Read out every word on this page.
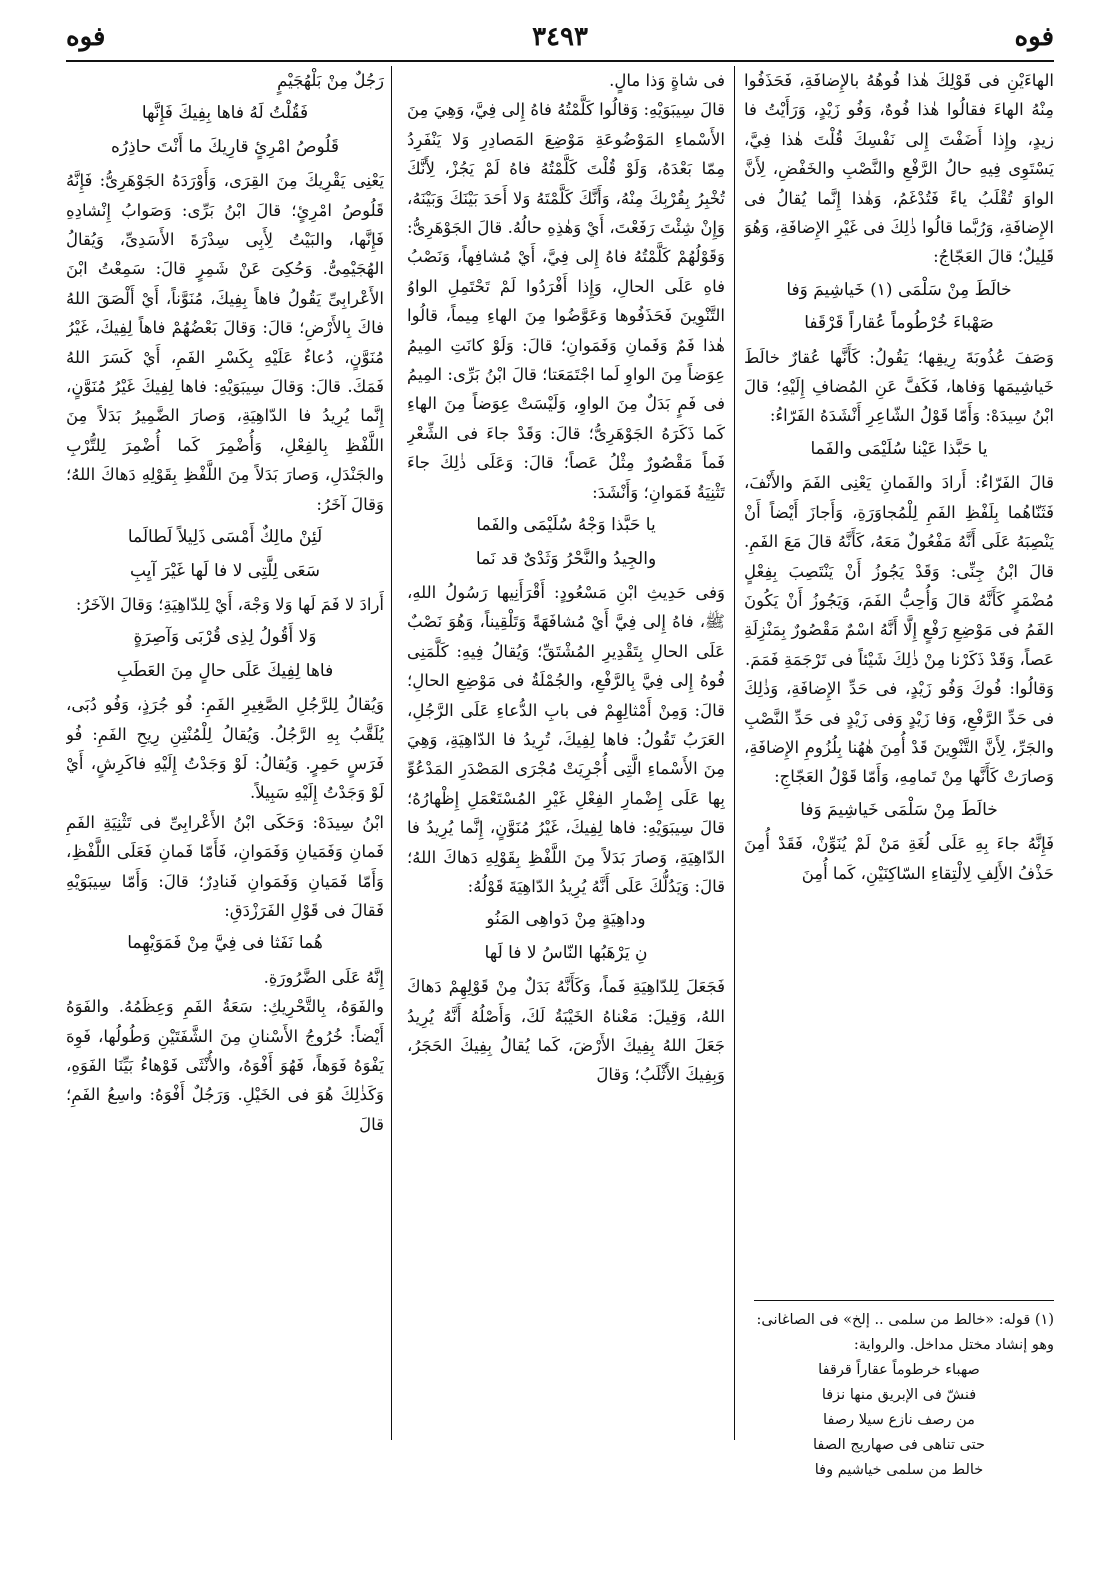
فوه	٣٤٩٣	فوه

الهاءَيْنِ فى قَوْلِكَ هٰذا فُوهُهُ بالإِضافَةِ، فَحَذَفُوا مِنْهُ الهاءَ فقالُوا هٰذا فُوهٌ، وَفُو زَيْدٍ، وَرَأَيْتُ فا زيدٍ، وإِذا أَضَفْتَ إِلى نَفْسِكَ قُلْتَ هٰذا فِيَّ، يَسْتَوِى فِيهِ حالُ الرَّفْعِ والنَّصْبِ والخَفْضِ، لِأَنَّ الواوَ تُقْلَبُ ياءً فَتُدْغَمُ، وَهٰذا إِنَّما يُقالُ فى الإِضافَةِ، وَرُبَّما قالُوا ذٰلِكَ فى غَيْرِ الإِضافَةِ، وَهُوَ قَلِيلٌ؛ قالَ العَجّاجُ:

خالَطَ مِنْ سَلْمَى (١) خَياشِيمَ وَفا

صَهْباءَ خُرْطُوماً عُقاراً قَرْقَفا

وَصَفَ عُذُوبَةَ رِيقِها؛ يَقُولُ: كَأَنَّها عُقارٌ خالَطَ خَياشِيمَها وَفاها، فَكَفَّ عَنِ المُضافِ إِلَيْهِ؛ قالَ ابْنُ سِيدَهْ: وَأَمّا قَوْلُ الشّاعِرِ أَنْشَدَهُ الفَرّاءُ:

يا حَبَّذا عَيْنا سُلَيْمَى والفَما

قالَ الفَرّاءُ: أَرادَ والفَمانِ يَعْنِى الفَمَ والأَنْفَ، فَثَنّاهُما بِلَفْظِ الفَمِ لِلْمُجاوَرَةِ، وَأَجازَ أَيْضاً أَنْ يَنْصِبَهُ عَلَى أَنَّهُ مَفْعُولٌ مَعَهُ، كَأَنَّهُ قالَ مَعَ الفَمِ. قالَ ابْنُ جِنِّى: وَقَدْ يَجُوزُ أَنْ يَنْتَصِبَ بِفِعْلٍ مُضْمَرٍ كَأَنَّهُ قالَ وَأُحِبُّ الفَمَ، وَيَجُوزُ أَنْ يَكُونَ الفَمُ فى مَوْضِعِ رَفْعٍ إِلَّا أَنَّهُ اسْمٌ مَقْصُورٌ بِمَنْزِلَةِ عَصاً، وَقَدْ ذَكَرْنا مِنْ ذٰلِكَ شَيْئاً فى تَرْجَمَةِ فَمَمَ.

وَقالُوا: فُوكَ وَفُو زَيْدٍ، فى حَدِّ الإِضافَةِ، وَذٰلِكَ فى حَدِّ الرَّفْعِ، وَفا زَيْدٍ وَفى زَيْدٍ فى حَدِّ النَّصْبِ والجَرِّ، لِأَنَّ التَّنْوِينَ قَدْ أُمِنَ هٰهُنا بِلُزُومِ الإِضافَةِ، وَصارَتْ كَأَنَّها مِنْ تَمامِهِ، وَأَمّا قَوْلُ العَجّاجِ:

خالَطَ مِنْ سَلْمَى خَياشِيمَ وَفا

فَإِنَّهُ جاءَ بِهِ عَلَى لُغَةِ مَنْ لَمْ يُنَوِّنْ، فَقَدْ أُمِنَ حَذْفُ الأَلِفِ لِالْتِقاءِ السّاكِنَيْنِ، كَما أُمِنَ

فى شاةٍ وَذا مالٍ.

قالَ سِيبَوَيْهِ: وَقالُوا كَلَّمْتُهُ فاهُ إِلى فِيَّ، وَهِيَ مِنَ الأَسْماءِ المَوْضُوعَةِ مَوْضِعَ المَصادِرِ وَلا يَنْفَرِدُ مِمّا بَعْدَهُ، وَلَوْ قُلْتَ كَلَّمْتُهُ فاهُ لَمْ يَجُزْ، لِأَنَّكَ تُخْبِرُ بِقُرْبِكَ مِنْهُ، وَأَنَّكَ كَلَّمْتَهُ وَلا أَحَدَ بَيْنَكَ وَبَيْنَهُ، وَإِنْ شِئْتَ رَفَعْتَ، أَيْ وَهٰذِهِ حالُهُ. قالَ الجَوْهَرِىُّ: وَقَوْلُهُمْ كَلَّمْتُهُ فاهُ إِلى فِيَّ، أَيْ مُشافِهاً، وَنَصْبُ فاهِ عَلَى الحالِ، وَإِذا أَفْرَدُوا لَمْ تَحْتَمِلِ الواوُ التَّنْوِينَ فَحَذَفُوها وَعَوَّضُوا مِنَ الهاءِ مِيماً، قالُوا هٰذا فَمٌ وَفَمانِ وَفَمَوانِ؛ قالَ: وَلَوْ كانَتِ المِيمُ عِوَضاً مِنَ الواوِ لَما اجْتَمَعَتا؛ قالَ ابْنُ بَرِّى: المِيمُ فى فَمٍ بَدَلٌ مِنَ الواوِ، وَلَيْسَتْ عِوَضاً مِنَ الهاءِ كَما ذَكَرَهُ الجَوْهَرِىُّ؛ قالَ: وَقَدْ جاءَ فى الشِّعْرِ فَماً مَقْصُورٌ مِثْلُ عَصاً؛ قالَ: وَعَلَى ذٰلِكَ جاءَ تَثْنِيَةُ فَمَوانِ؛ وَأَنْشَدَ:

يا حَبَّذا وَجْهُ سُلَيْمَى والفَما

والجِيدُ والنَّحْرُ وَثَدْىٌ قد نَما

وَفى حَدِيثِ ابْنِ مَسْعُودٍ: أَقْرَأَنِيها رَسُولُ اللهِ، ﷺ، فاهُ إِلى فِيَّ أَيْ مُشافَهَةً وَتَلْقِيناً، وَهُوَ نَصْبٌ عَلَى الحالِ بِتَقْدِيرِ المُشْتَقِّ؛ وَيُقالُ فِيهِ: كَلَّمَنِى فُوهُ إِلى فِيَّ بِالرَّفْعِ، والجُمْلَةُ فى مَوْضِعِ الحالِ؛ قالَ: وَمِنْ أَمْثالِهِمْ فى بابِ الدُّعاءِ عَلَى الرَّجُلِ، العَرَبُ تَقُولُ: فاها لِفِيكَ، تُرِيدُ فا الدّاهِيَةِ، وَهِيَ مِنَ الأَسْماءِ الَّتِى أُجْرِيَتْ مُجْرَى المَصْدَرِ المَدْعُوِّ بِها عَلَى إِضْمارِ الفِعْلِ غَيْرِ المُسْتَعْمَلِ إِظْهارُهُ؛ قالَ سِيبَوَيْهِ: فاها لِفِيكَ، غَيْرُ مُنَوَّنٍ، إِنَّما يُرِيدُ فا الدّاهِيَةِ، وَصارَ بَدَلاً مِنَ اللَّفْظِ بِقَوْلِهِ دَهاكَ اللهُ؛ قالَ: وَيَدُلُّكَ عَلَى أَنَّهُ يُرِيدُ الدّاهِيَةَ قَوْلُهُ:

وداهِيَةٍ مِنْ دَواهِى المَنُو

نِ يَرْهَبُها النّاسُ لا فا لَها

فَجَعَلَ لِلدّاهِيَةِ فَماً، وَكَأَنَّهُ بَدَلٌ مِنْ قَوْلِهِمْ دَهاكَ اللهُ، وَقِيلَ: مَعْناهُ الخَيْبَةُ لَكَ، وَأَصْلُهُ أَنَّهُ يُرِيدُ جَعَلَ اللهُ بِفِيكَ الأَرْضَ، كَما يُقالُ بِفِيكَ الحَجَرُ، وَبِفِيكَ الأَثْلَبُ؛ وَقالَ

رَجُلٌ مِنْ بَلْهُجَيْمٍ

فَقُلْتُ لَهُ فاها بِفِيكَ فَإِنَّها

قَلُوصُ امْرِئٍ قارِيكَ ما أَنْتَ حاذِرُه

يَعْنِى يَقْرِيكَ مِنَ القِرَى، وَأَوْرَدَهُ الجَوْهَرِىُّ: فَإِنَّهُ قَلُوصُ امْرِئٍ؛ قالَ ابْنُ بَرِّى: وَصَوابُ إِنْشادِهِ فَإِنَّها، والبَيْتُ لِأَبِى سِدْرَةَ الأَسَدِىِّ، وَيُقالُ الهُجَيْمِىُّ. وَحُكِىَ عَنْ شَمِرٍ قالَ: سَمِعْتُ ابْنَ الأَعْرابِىِّ يَقُولُ فاهاً بِفِيكَ، مُنَوَّناً، أَيْ أَلْصَقَ اللهُ فاكَ بِالأَرْضِ؛ قالَ: وَقالَ بَعْضُهُمْ فاهاً لِفِيكَ، غَيْرُ مُنَوَّنٍ، دُعاءٌ عَلَيْهِ بِكَسْرِ الفَمِ، أَيْ كَسَرَ اللهُ فَمَكَ. قالَ: وَقالَ سِيبَوَيْهِ: فاها لِفِيكَ غَيْرُ مُنَوَّنٍ، إِنَّما يُرِيدُ فا الدّاهِيَةِ، وَصارَ الضَّمِيرُ بَدَلاً مِنَ اللَّفْظِ بِالفِعْلِ، وَأُضْمِرَ كَما أُضْمِرَ لِلتُّرْبِ والجَنْدَلِ، وَصارَ بَدَلاً مِنَ اللَّفْظِ بِقَوْلِهِ دَهاكَ اللهُ؛ وَقالَ آخَرُ:

لَئِنْ مالِكٌ أَمْسَى ذَلِيلاً لَطالَما

سَعَى لِلَّتِى لا فا لَها غَيْرَ آيِبِ

أَرادَ لا فَمَ لَها وَلا وَجْهَ، أَيْ لِلدّاهِيَةِ؛ وَقالَ الآخَرُ:

وَلا أَقُولُ لِذِى قُرْبَى وَآصِرَةٍ

فاها لِفِيكَ عَلَى حالٍ مِنَ العَطَبِ

وَيُقالُ لِلرَّجُلِ الصَّغِيرِ الفَمِ: فُو جُرَذٍ، وَفُو دُبَى، يُلَقَّبُ بِهِ الرَّجُلُ. وَيُقالُ لِلْمُنْتِنِ رِيحِ الفَمِ: فُو فَرَسٍ حَمِرٍ. وَيُقالُ: لَوْ وَجَدْتُ إِلَيْهِ فاكَرِشٍ، أَيْ لَوْ وَجَدْتُ إِلَيْهِ سَبِيلاً.

ابْنُ سِيدَهْ: وَحَكَى ابْنُ الأَعْرابِىِّ فى تَثْنِيَةِ الفَمِ فَمانِ وَفَمَيانِ وَفَمَوانِ، فَأَمّا فَمانِ فَعَلَى اللَّفْظِ، وَأَمّا فَمَيانِ وَفَمَوانِ فَنادِرٌ؛ قالَ: وَأَمّا سِيبَوَيْهِ فَقالَ فى قَوْلِ الفَرَزْدَقِ:

هُما نَفَثا فى فِيَّ مِنْ فَمَوَيْهِما

إِنَّهُ عَلَى الضَّرُورَةِ.

والفَوَهُ، بِالتَّحْرِيكِ: سَعَةُ الفَمِ وَعِظَمُهُ. والفَوَهُ أَيْضاً: خُرُوجُ الأَسْنانِ مِنَ الشَّفَتَيْنِ وَطُولُها، فَوِهَ يَفْوَهُ فَوَهاً، فَهُوَ أَفْوَهُ، والأُنْثَى فَوْهاءُ بَيِّنَا الفَوَهِ، وَكَذٰلِكَ هُوَ فى الخَيْلِ. وَرَجُلٌ أَفْوَهُ: واسِعُ الفَمِ؛ قالَ

(١) قوله: «خالط من سلمى .. إلخ» فى الصاغانى: وهو إنشاد مختل مداخل. والرواية:

صهباء خرطوماً عقاراً قرقفا

فنشّ فى الإبريق منها نزفا

من رصف نازع سيلا رصفا

حتى تناهى فى صهاريج الصفا

خالط من سلمى خياشيم وفا
